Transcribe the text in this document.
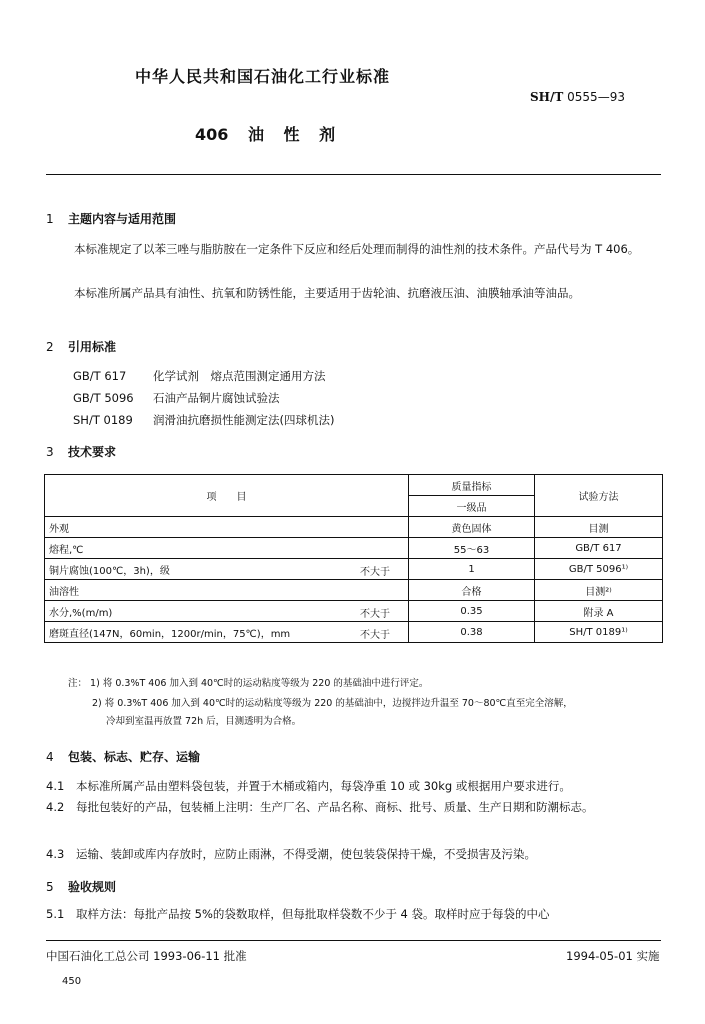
中华人民共和国石油化工行业标准
SH/T 0555—93
406 油 性 剂
1 主题内容与适用范围
本标准规定了以苯三唑与脂肪胺在一定条件下反应和经后处理而制得的油性剂的技术条件。产品代号为 T 406。
本标准所属产品具有油性、抗氧和防锈性能，主要适用于齿轮油、抗磨液压油、油膜轴承油等油品。
2 引用标准
GB/T 617 化学试剂　熔点范围测定通用方法
GB/T 5096 石油产品铜片腐蚀试验法
SH/T 0189 润滑油抗磨损性能测定法(四球机法)
3 技术要求
项　　目	质量指标	试验方法
	一级品	
外观	黄色固体	目测
熔程,℃	55～63	GB/T 617
铜片腐蚀(100℃，3h)，级 不大于	1	GB/T 5096¹⁾
油溶性	合格	目测²⁾
水分,%(m/m) 不大于	0.35	附录 A
磨斑直径(147N，60min，1200r/min，75℃)，mm 不大于	0.38	SH/T 0189¹⁾
注： 1) 将 0.3%T 406 加入到 40℃时的运动粘度等级为 220 的基础油中进行评定。
2) 将 0.3%T 406 加入到 40℃时的运动粘度等级为 220 的基础油中，边搅拌边升温至 70～80℃直至完全溶解，
冷却到室温再放置 72h 后，目测透明为合格。
4 包装、标志、贮存、运输
4.1 本标准所属产品由塑料袋包装，并置于木桶或箱内，每袋净重 10 或 30kg 或根据用户要求进行。
4.2 每批包装好的产品，包装桶上注明：生产厂名、产品名称、商标、批号、质量、生产日期和防潮标志。
4.3 运输、装卸或库内存放时，应防止雨淋，不得受潮，使包装袋保持干燥，不受损害及污染。
5 验收规则
5.1 取样方法：每批产品按 5%的袋数取样，但每批取样袋数不少于 4 袋。取样时应于每袋的中心
中国石油化工总公司 1993-06-11 批准	1994-05-01 实施
450
